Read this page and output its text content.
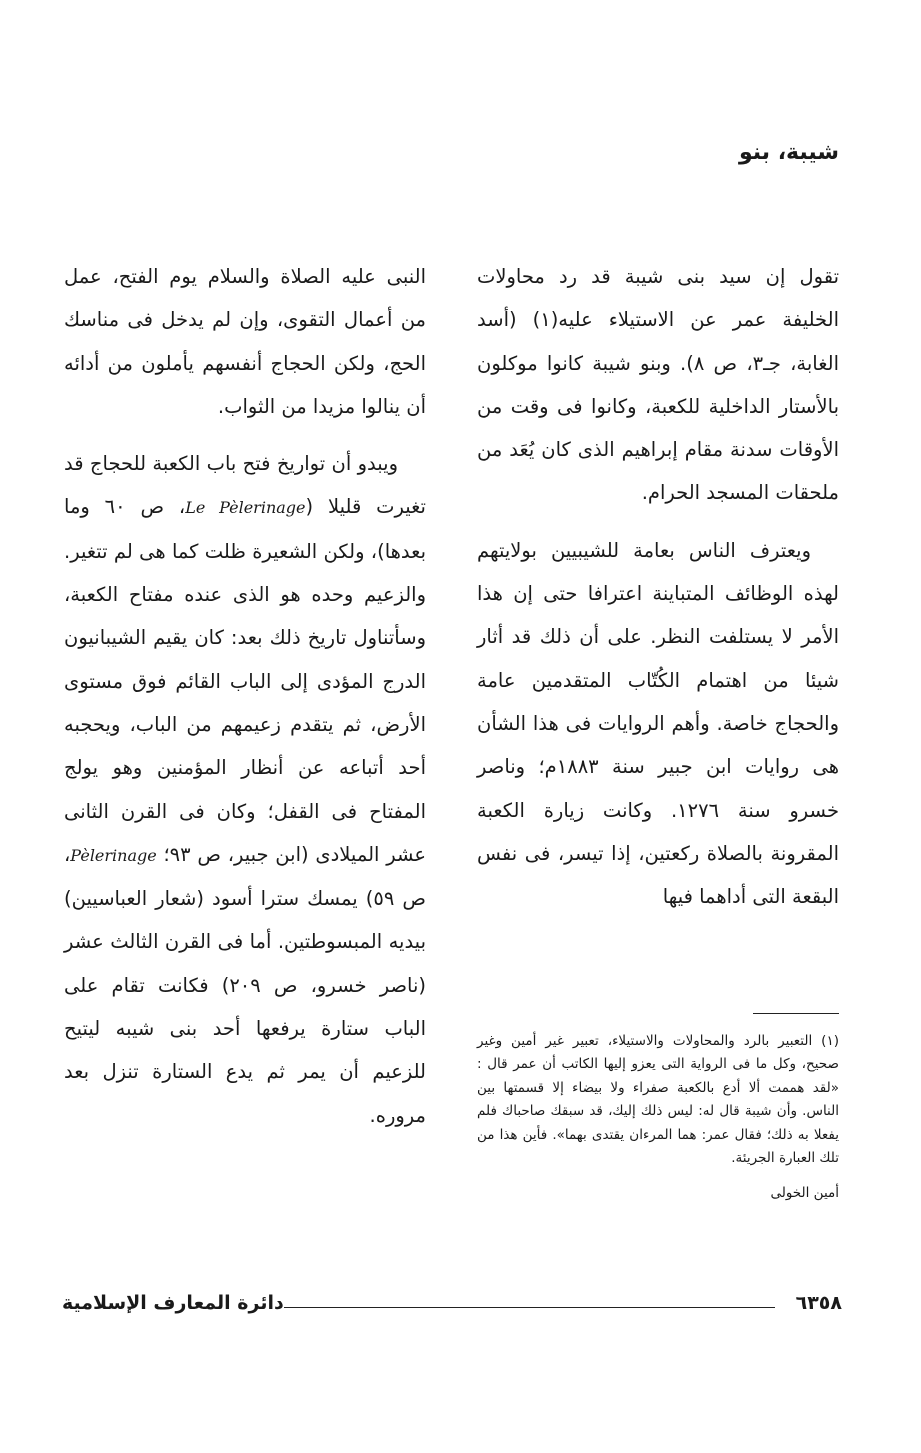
شيبة، بنو

تقول إن سيد بنى شيبة قد رد محاولات الخليفة عمر عن الاستيلاء عليه(١) (أسد الغابة، جـ٣، ص ٨). وبنو شيبة كانوا موكلون بالأستار الداخلية للكعبة، وكانوا فى وقت من الأوقات سدنة مقام إبراهيم الذى كان يُعَد من ملحقات المسجد الحرام.

ويعترف الناس بعامة للشيبيين بولايتهم لهذه الوظائف المتباينة اعترافا حتى إن هذا الأمر لا يستلفت النظر. على أن ذلك قد أثار شيئا من اهتمام الكُتّاب المتقدمين عامة والحجاج خاصة. وأهم الروايات فى هذا الشأن هى روايات ابن جبير سنة ١٨٨٣م؛ وناصر خسرو سنة ١٢٧٦. وكانت زيارة الكعبة المقرونة بالصلاة ركعتين، إذا تيسر، فى نفس البقعة التى أداهما فيها

النبى عليه الصلاة والسلام يوم الفتح، عمل من أعمال التقوى، وإن لم يدخل فى مناسك الحج، ولكن الحجاج أنفسهم يأملون من أدائه أن ينالوا مزيدا من الثواب.

ويبدو أن تواريخ فتح باب الكعبة للحجاج قد تغيرت قليلا (Le Pèlerinage، ص ٦٠ وما بعدها)، ولكن الشعيرة ظلت كما هى لم تتغير. والزعيم وحده هو الذى عنده مفتاح الكعبة، وسأتناول تاريخ ذلك بعد: كان يقيم الشيبانيون الدرج المؤدى إلى الباب القائم فوق مستوى الأرض، ثم يتقدم زعيمهم من الباب، ويحجبه أحد أتباعه عن أنظار المؤمنين وهو يولج المفتاح فى القفل؛ وكان فى القرن الثانى عشر الميلادى (ابن جبير، ص ٩٣؛ Pèlerinage، ص ٥٩) يمسك سترا أسود (شعار العباسيين) بيديه المبسوطتين. أما فى القرن الثالث عشر (ناصر خسرو، ص ٢٠٩) فكانت تقام على الباب ستارة يرفعها أحد بنى شيبه ليتيح للزعيم أن يمر ثم يدع الستارة تنزل بعد مروره.

(١) التعبير بالرد والمحاولات والاستيلاء، تعبير غير أمين وغير صحيح، وكل ما فى الرواية التى يعزو إليها الكاتب أن عمر قال : «لقد هممت ألا أدع بالكعبة صفراء ولا بيضاء إلا قسمتها بين الناس. وأن شيبة قال له: ليس ذلك إليك، قد سبقك صاحباك فلم يفعلا به ذلك؛ فقال عمر: هما المرءان يقتدى بهما». فأين هذا من تلك العبارة الجريئة.

أمين الخولى

٦٣٥٨
دائرة المعارف الإسلامية
